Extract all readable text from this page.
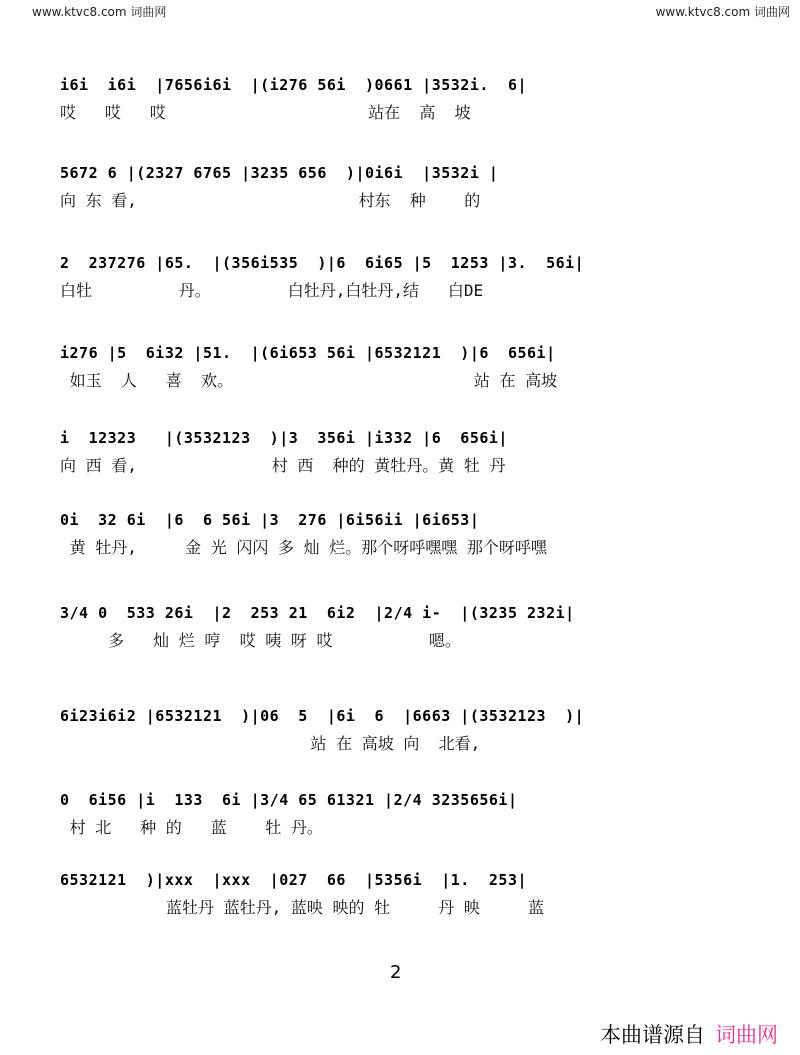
www.ktvc8.com 词曲网	www.ktvc8.com 词曲网
i6i  i6i  |7656i6i  |(i276 56i  )0661 |3532i.  6|
哎   哎   哎                     站在  高  坡
5672 6 |(2327 6765 |3235 656  )|0i6i  |3532i |
向 东 看,                       村东  种    的
2  237276 |65.  |(356i535  )|6  6i65 |5  1253 |3.  56i|
白牡         丹。        白牡丹,白牡丹,结   白DE
i276 |5  6i32 |51.  |(6i653 56i |6532121  )|6  656i|
如玉  人   喜  欢。                         站 在 高坡
i  12323   |(3532123  )|3  356i |i332 |6  656i|
向 西 看,              村 西  种的 黄牡丹。黄 牡 丹
0i  32 6i  |6  6 56i |3  276 |6i56ii |6i653|
黄 牡丹,     金 光 闪闪 多 灿 烂。那个呀呼嘿嘿 那个呀呼嘿
3/4 0  533 26i  |2  253 21  6i2  |2/4 i-  |(3235 232i|
多   灿 烂 哼  哎 咦 呀 哎          嗯。
6i23i6i2 |6532121  )|06  5  |6i  6  |6663 |(3532123  )|
站 在 高坡 向  北看,
0  6i56 |i  133  6i |3/4 65 61321 |2/4 3235656i|
村 北   种 的   蓝    牡 丹。
6532121  )|xxx  |xxx  |027  66  |5356i  |1.  253|
蓝牡丹 蓝牡丹, 蓝映 映的 牡     丹 映     蓝
2
本曲谱源自 词曲网
